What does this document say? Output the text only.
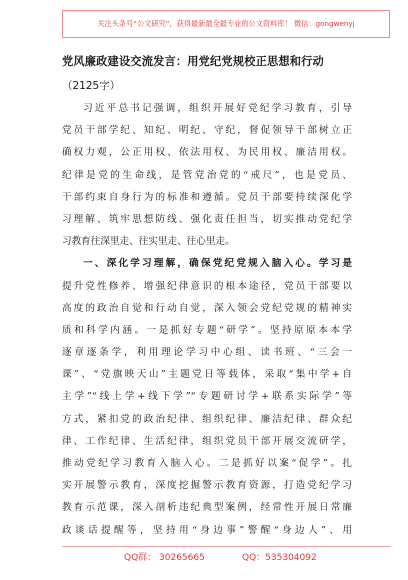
关注头条号“公文研究”，获得最新最全最专业的公文资料库！ 微信：gongwenyj
党风廉政建设交流发言：用党纪党规校正思想和行动
（2125字）
习近平总书记强调，组织开展好党纪学习教育，引导
党员干部学纪、知纪、明纪、守纪，督促领导干部树立正
确权力观，公正用权、依法用权、为民用权、廉洁用权。
纪律是党的生命线，是管党治党的“戒尺”，也是党员、
干部约束自身行为的标准和遵循。党员干部要持续深化学
习理解、筑牢思想防线、强化责任担当，切实推动党纪学
习教育往深里走、往实里走、往心里走。
一、深化学习理解，确保党纪党规入脑入心。学习是
提升党性修养、增强纪律意识的根本途径，党员干部要以
高度的政治自觉和行动自觉，深入领会党纪党规的精神实
质和科学内涵。一是抓好专题“研学”。坚持原原本本学
逐章逐条学，利用理论学习中心组、读书班、“三会一
课”、“党旗映天山”主题党日等载体，采取“集中学+自
主学”“线上学+线下学”“专题研讨学+联系实际学”等
方式，紧扣党的政治纪律、组织纪律、廉洁纪律、群众纪
律、工作纪律、生活纪律，组织党员干部开展交流研学，
推动党纪学习教育入脑入心。二是抓好以案“促学”。扎
实开展警示教育，深度挖掘警示教育资源，打造党纪学习
教育示范课，深入剖析违纪典型案例，经常性开展日常廉
政谈话提醒等，坚持用“身边事”警醒“身边人”、用
QQ群： 30265665	QQ：535304092
